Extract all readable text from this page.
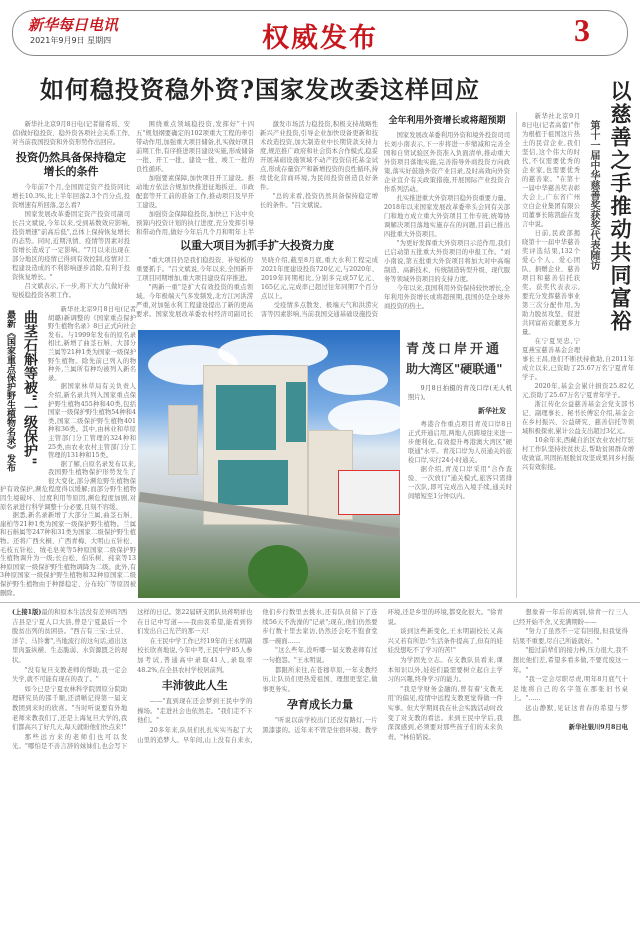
新华每日电讯
2021年9月9日 星期四	权威发布	3
如何稳投资稳外资?国家发改委这样回应

新华社北京9月8日电(记者谢希瑶、安蓓)做好稳投资、稳外资各项社会关系工作,对当前我国投资和外资形势作出回应。

投资仍然具备保持稳定增长的条件

今年前7个月,全国固定资产投资同比增长10.3%,比上半年回落2.3个百分点,投资增速有所回落,怎么看?

国家发展改革委固定资产投资司副司长吕文斌说,今年以来,受到基数效应影响,投资增速"前高后低",总体上保持恢复增长的态势。同时,近期汛情、疫情等因素对投资增长造成了一定影响。"7月以来出现在部分地区的疫情已得到有效控制,疫情对工程建设造成的不利影响逐步消除,有利于投资恢复增长。"

吕文斌表示,下一步,将下大力气做好补短板稳投资各项工作。

围绕重点领域稳投资,发挥好"十四五"规划纲要确定的102项重大工程的牵引带动作用,加强重大项目储备,扎实做好项目前期工作,有序推进项目建设实施,形成储备一批、开工一批、建设一批、竣工一批的良性循环。

加强要素保障,加快项目开工建设。推动地方依法合规加快推进征地拆迁、市政配套等开工前的准备工作,推动项目及早开工建设。

加强资金保障稳投资,加快已下达中央预算内投资计划的执行进度,充分发挥引导和带动作用,做好今年后几个月和明年上半

激发市场活力稳投资,积极支持战略性新兴产业投资,引导企业加快设备更新和技术改造投资,加大制造业中长期贷款支持力度,规范推广政府和社会资本合作模式,稳妥开展基础设施领域不动产投资信托基金试点,形成存量资产和新增投资的良性循环,持续优化营商环境,为民间投资创造良好条件。

"总的来看,投资仍然具备保持稳定增长的条件。"吕文斌说。

以重大项目为抓手扩大投资力度

"重大项目仍是我们稳投资、补短板的重要抓手。"吕文斌说,今年以来,全国新开工项目同期增加,重大项目建设有序推进。

"两新一重"是扩大有效投资的重点领域。今年极端天气多发频发,北方江河洪涝严重,对加强水利工程建设提出了新的更高要求。国家发展改革委农村经济司副司长吴晓介绍,截至8月底,重大水利工程完成2021年度建设投资720亿元,与2020年、2019年同期相比,分别多完成57亿元、165亿元,完成率已超过往年同期7个百分点以上。

受疫情多点散发、极端天气和洪涝灾害等因素影响,当前我国交通基础设施投资

全年利用外资增长或将超预期

国家发展改革委利用外资和境外投资司司长刘小南表示,下一步将进一步缩减和完善全国和自贸试验区外资准入负面清单,推动重大外资项目落地实施,完善指导外商投资方向政策,落实好鼓励外资产业目录,及时高效向外资企业宣介有关政策措施,开展国际产业投资合作系列活动。

扎实推进重大外资项目稳外资重要力量。2018年以来国家发展改革委牵头会同有关部门和地方成立重大外资项目工作专班,统筹协调解决项目落地实施存在的问题,目前已推出四批重大外资项目。

"为更好发挥重大外资项目示范作用,我们已启动第五批重大外资项目的申报工作。"刘小南说,第五批重大外资项目将加大对中高端制造、高新技术、传统制造转型升级、现代服务等领域外资项目的支持力度。

今年以来,我国利用外资保持较快增长,全年利用外资增长或将超预期,我国仍是全球外商投资的热土。

新华社北京9月8日电(记者胡璐)新调整的《国家重点保护野生植物名录》8日正式向社会发布。与1999年发布的原名录相比,新增了曲茎石斛、大部分兰属等21种1类为国家一级保护野生植物。除先前已列入的物种外,兰属所有种均被列入新名录。

据国家林草局有关负责人介绍,新名录共列入国家重点保护野生植物455种和40类,包括国家一级保护野生植物54种和4类,国家二级保护野生植物401种和36类。其中,由林业和草原主管部门分工管理的324种和25类,由农业农村主管部门分工管理的131种和15类。

据了解,自原名录发布以来,我国野生植物保护形势发生了很大变化,部分濒危野生植物保护有效保护,濒危程度得以缓解;而部分野生植物因生境破坏、过度利用等原因,濒危程度加剧,对原名录进行科学调整十分必要,且刻不容缓。

据悉,新名录新增了大部分兰属,曲茎石斛、崖柏等21种1类为国家一级保护野生植物。兰属和石斛属等247种和31类为国家二级保护野生植物。还将广西火桐、广西青梅、大明山五针松、毛枝五针松、绒毛皂荚等5种原国家二级保护野生植物调升为一级;长白松、伯乐树、莼菜等13种原国家一级保护野生植物调降为二级。此外,有3种原国家一级保护野生植物和32种原国家二级保护野生植物由于种群稳定、分布较广等原因被删除。

最新《国家重点保护野生植物名录》发布 曲茎石斛等被"一级保护"	青茂口岸开通
助大湾区"硬联通"

9月8日拍摄的青茂口岸(无人机照片)。

新华社发

粤港合作重点项目青茂口岸8日正式开通启用,两地人员跨境往来进一步便利化,有效提升粤港澳大湾区"硬联通"水平。青茂口岸为人员通关的旅检口岸,实行24小时通关。

据介绍,青茂口岸采用"合作查验、一次放行"通关模式,旅客只需排一次队,即可完成出入境手续,通关时间缩短至1分钟以内。

新华社北京9月8日电(记者高蕾)"作为根植于祖国这片热土的民营企业,我们坚信,这个伟大的时代,不仅需要优秀的企业家,也需要优秀的慈善家。"在第十一届中华慈善奖表彰大会上,广东省广州立白企业集团有限公司董事长陈凯旋在发言中说。

日前,民政部揭晓第十一届中华慈善奖评选结果,132个爱心个人、爱心团队、捐赠企业、慈善项目和慈善信托获奖。获奖代表表示,要充分发挥慈善事业第三次分配作用,为助力脱贫攻坚、促进共同富裕贡献更多力量。

在宁夏吴忠,宁夏燕宝慈善基金会理事长王昌,他们不断扶持救助,自2011年成立以来,已资助了25.67万名宁夏青年学子。

2020年,基金会累计捐资25.82亿元,资助了25.67万名宁夏青年学子。

浙江传化公益慈善基金会党支部书记、副理事长、秘书长傅宏介绍,基金会在乡村振兴、公益研究、慈善信托等领域积极探索,累计公益支出超过3亿元。

10余年来,西藏自治区农业农村厅驻村工作队坚持扶贫扶志,帮助贫困群众增收致富,巩固拓展脱贫攻坚成果同乡村振兴有效衔接。

以慈善之手推动共同富裕
第十一届中华慈善奖获奖代表随访

(上接1版)最的和原本生活没有差异吗?西吉县是宁夏人口大县,曾是宁夏最后一个脱贫出列的贫困县。"西吉有三宝:土豆、洋芋、马铃薯",当地流行的这句话,道出这里肉蛋纵横、生态脆弱、水资源匮乏的现状。

"没有复旦支教老师的帮助,我一定会失学,就不可能有现在的我了。"

如今已是宁夏农林科学院固原分院助理研究员的邵千顺,还清晰记得第一届支教团到来时的欣喜。"当时听说要有外地老师来教我们了,还是上海复旦大学的,我们都高兴了好几天,每天就盼他们快点来!"

那些远方来的老师们也可以发光。"哪怕是不善言辞的妹妹们,也会写下这样的日记。第22届研支团队员蒋明祥也在日记中写道——我由衷希望,能看到你们发出自己光芒的那一天!

在王民中学工作已经19年的王永明副校长欣喜地说,今年中考,王民中学85人参加考试,普通高中录取41人,录取率48.2%,在全县农村学校居前列。

丰沛彼此人生

——"直到现在还会梦到王民中学的操场。"走进社会也依然走。"我们走不下他们。"

20多年来,队员们扎扎实实当起了大山里的追梦人。早年间,山上没有自来水,他们步行数里去挑水,还有队员留下了连续56天不洗澡的"记录";现在,他们仍然要步行数十里去家访,仍然还会吃不饱食堂那一碗面……

"这么些年,没听哪一届支教老师有过一句抱怨。"王永明说。

都跟所来往,在苍穆草原,一年支教经历,让队员们更热爱祖国、理想更坚定,做事更务实。

孕育成长力量

"听说以前学校出门还没有路灯,一片黑漆漆的。近年来不管是住宿环境、教学环境,还是乡里的环境,都变化很大。"徐青说。

谈到这些新变化,王永明副校长又高兴又若有所思:"生活条件提高了,但有的娃娃没想吃不了学习的苦!"

为学固先立志。在支教队员看来,课本知识以外,娃娃们最需要树立起自主学习的兴趣,终身学习的能力。

"我是学财务金融的,曾有着'支教无用'的偏见,疫情中远程支教更觉得做一件实事。但大学期间我在社会实践活动时改变了对支教的看法。来到王民中学后,我深深感到,必须要对那些孩子们的未来负责。"林伯韬说。

想象着一年后的离别,徐青一行三人已经开始不舍,又充满期盼——

"努力了虽然不一定有回报,但我觉得结果不重要,尽自己所能就好。"

"挺过前辈们的接力棒,压力很大,我不想比他们差,希望多看多做,不要荒废这一年。"

"我一定会尽职尽责,明年8月底气十足地将自己的名字签在那张旧书桌上。"……

远山静默,见证这青春的希望与梦想。

新华社银川9月8日电
